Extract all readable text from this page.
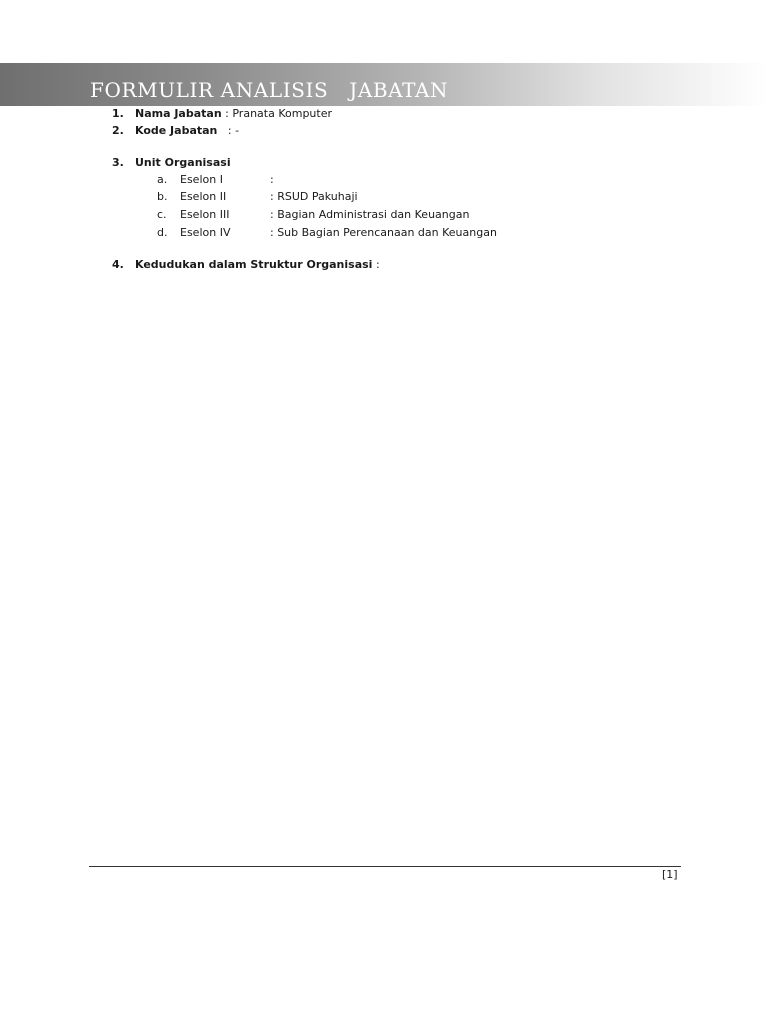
FORMULIR ANALISIS   JABATAN
1. Nama Jabatan : Pranata Komputer
2. Kode Jabatan   : -
3. Unit Organisasi
a. Eselon I	:
b. Eselon II	: RSUD Pakuhaji
c. Eselon III	: Bagian Administrasi dan Keuangan
d. Eselon IV	: Sub Bagian Perencanaan dan Keuangan
4. Kedudukan dalam Struktur Organisasi :
[1]
